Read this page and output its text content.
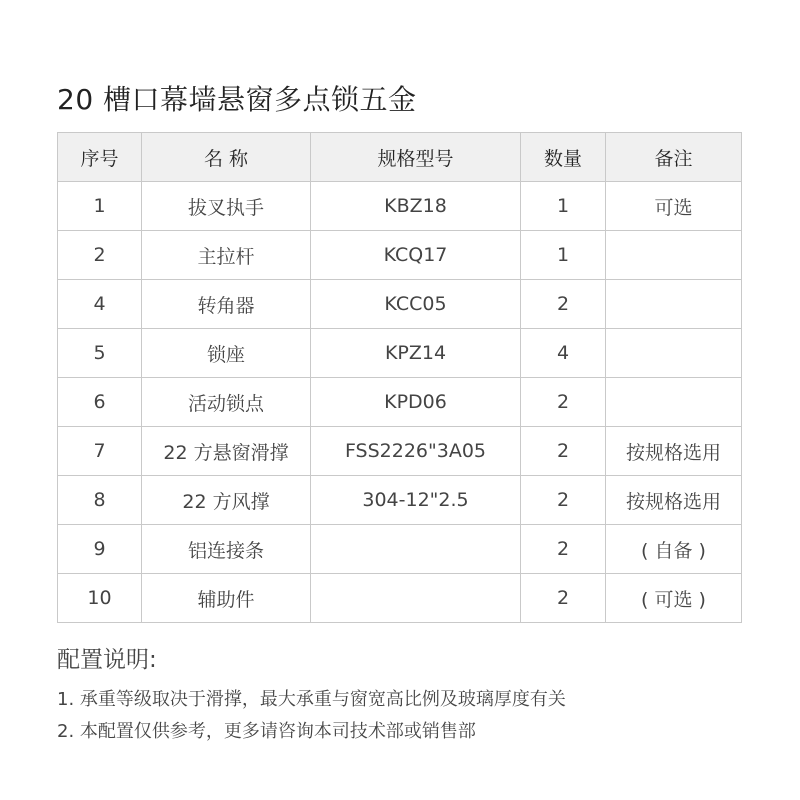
20 槽口幕墙悬窗多点锁五金
序号	名 称	规格型号	数量	备注
1	拔叉执手	KBZ18	1	可选
2	主拉杆	KCQ17	1	
4	转角器	KCC05	2	
5	锁座	KPZ14	4	
6	活动锁点	KPD06	2	
7	22 方悬窗滑撑	FSS2226"3A05	2	按规格选用
8	22 方风撑	304-12"2.5	2	按规格选用
9	铝连接条		2	( 自备 )
10	辅助件		2	( 可选 )
配置说明:
1. 承重等级取决于滑撑，最大承重与窗宽高比例及玻璃厚度有关
2. 本配置仅供参考，更多请咨询本司技术部或销售部
